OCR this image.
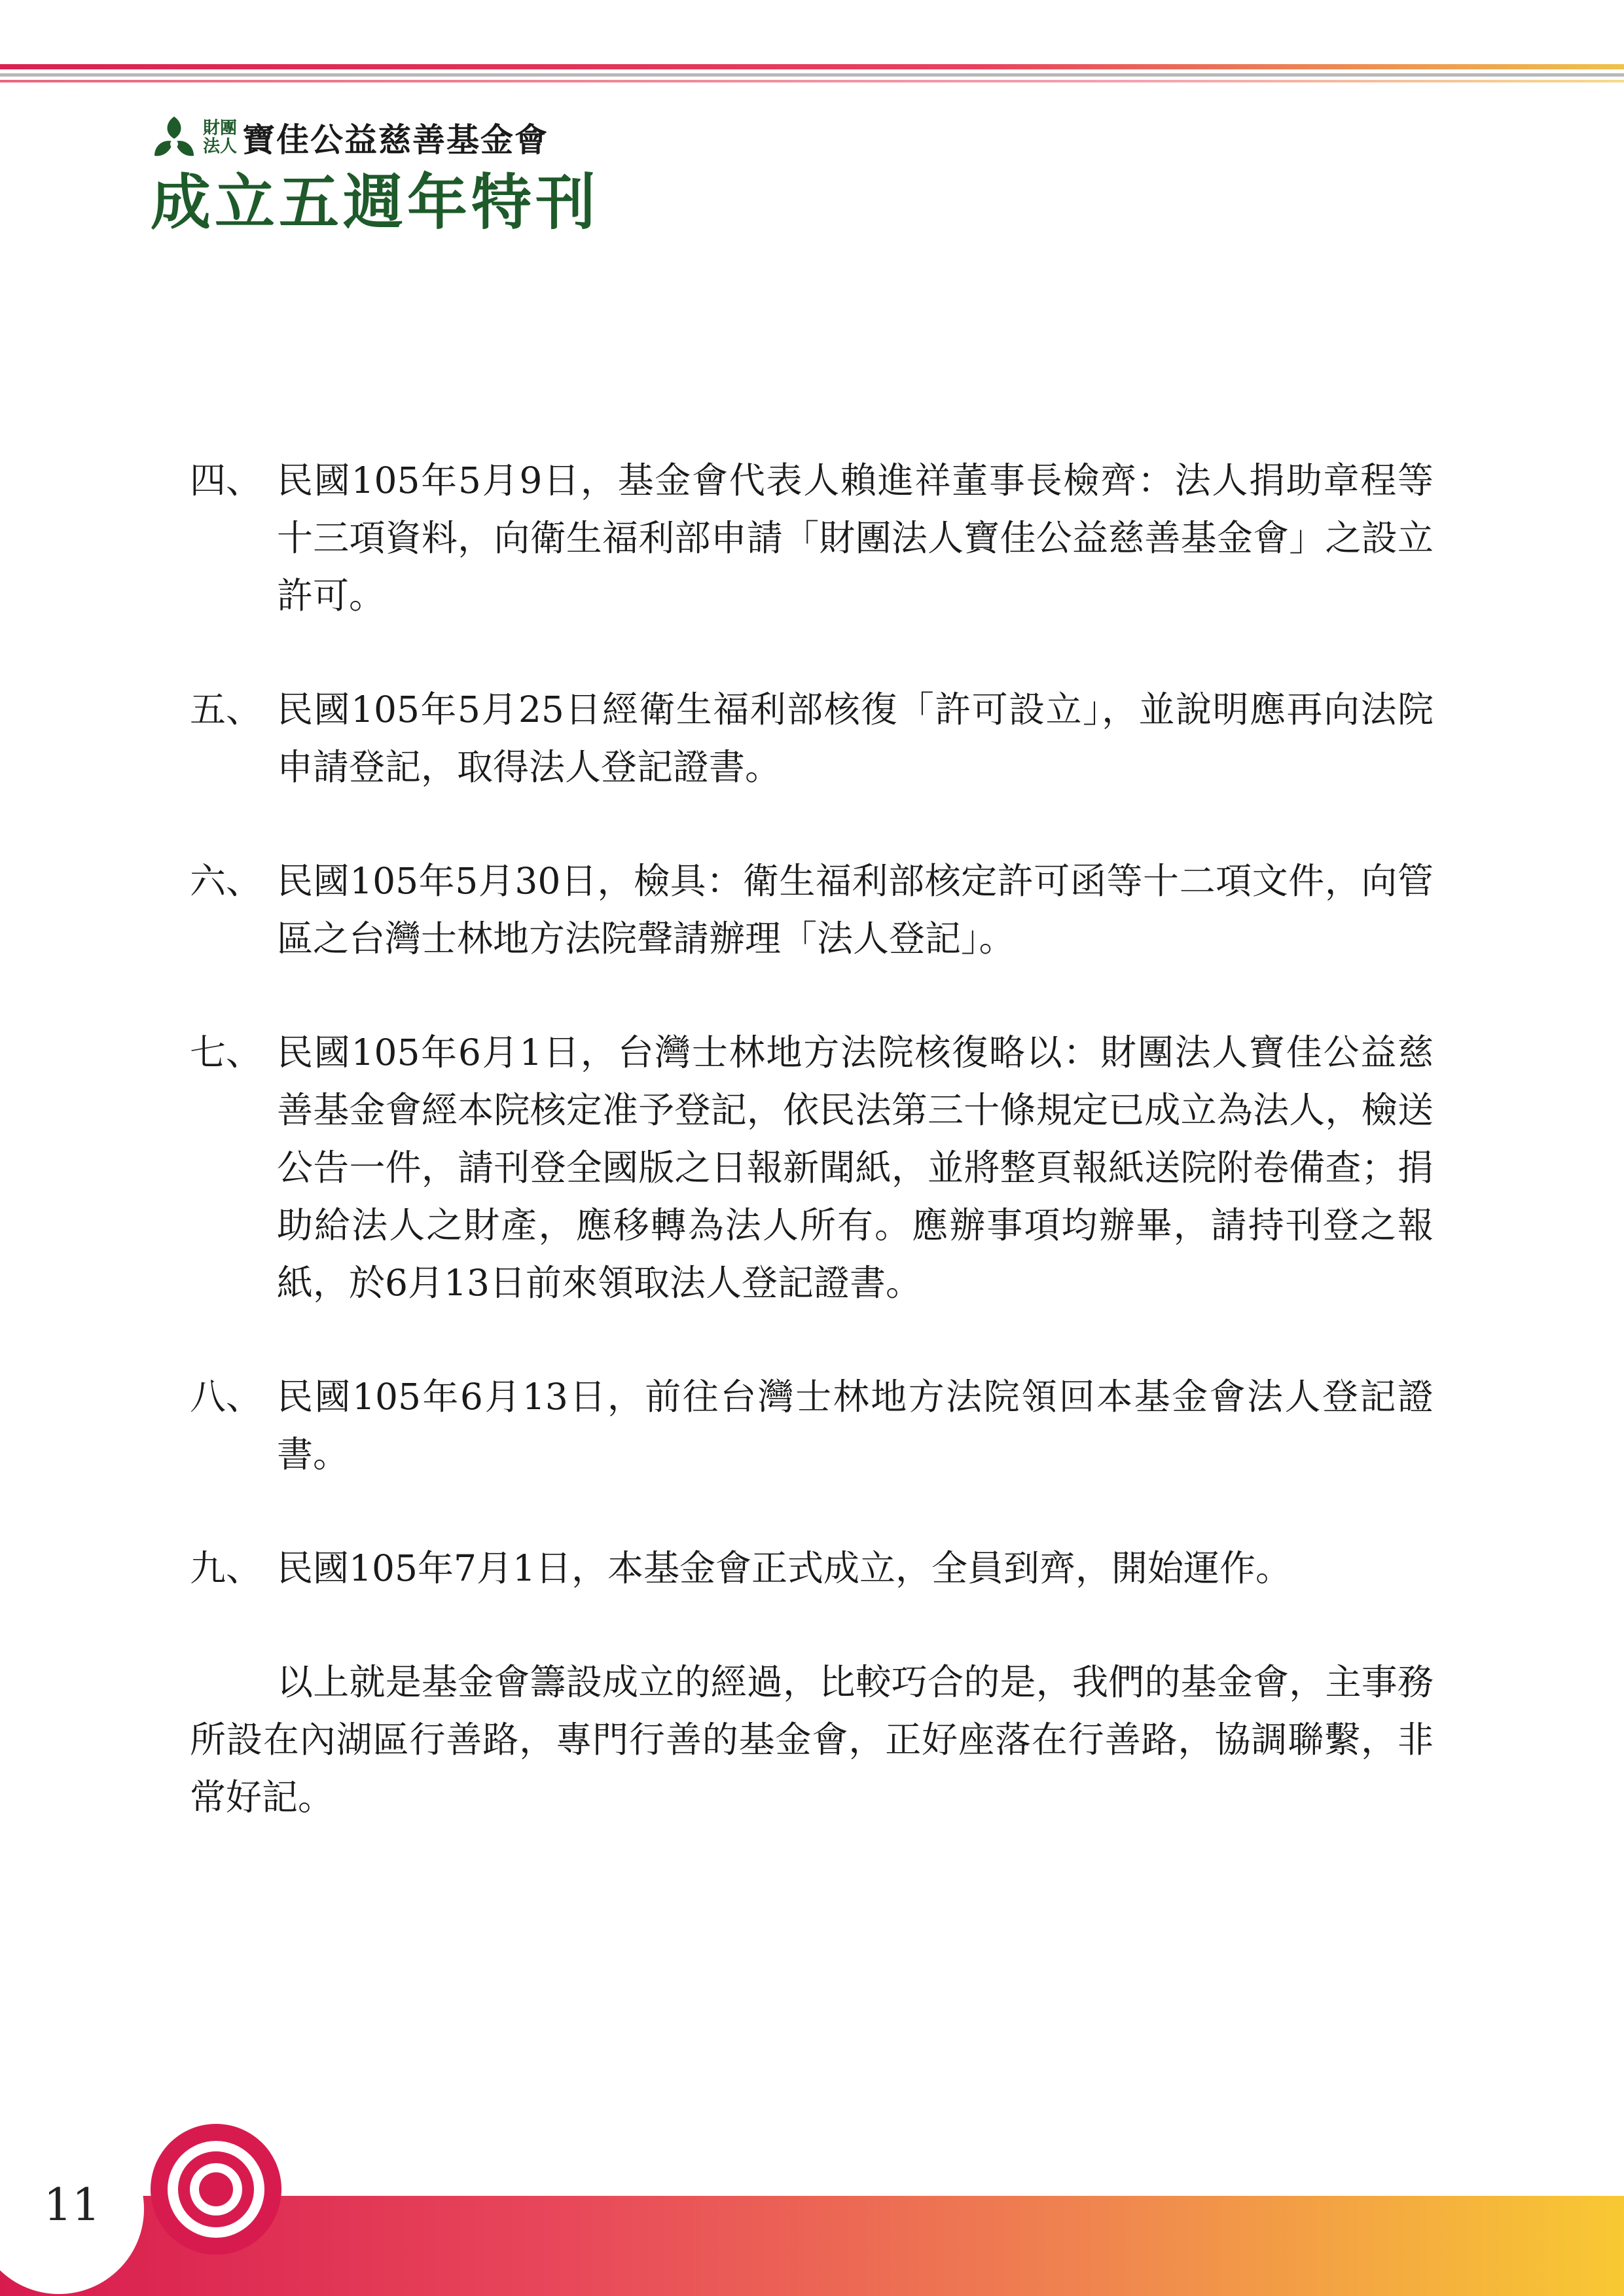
財團
法人 寶佳公益慈善基金會
成立五週年特刊
四、 民國105年5月9日，基金會代表人賴進祥董事長檢齊：法人捐助章程等十三項資料，向衛生福利部申請「財團法人寶佳公益慈善基金會」之設立許可。
五、 民國105年5月25日經衛生福利部核復「許可設立」，並說明應再向法院申請登記，取得法人登記證書。
六、 民國105年5月30日，檢具：衛生福利部核定許可函等十二項文件，向管區之台灣士林地方法院聲請辦理「法人登記」。
七、 民國105年6月1日，台灣士林地方法院核復略以：財團法人寶佳公益慈善基金會經本院核定准予登記，依民法第三十條規定已成立為法人，檢送公告一件，請刊登全國版之日報新聞紙，並將整頁報紙送院附卷備查；捐助給法人之財產，應移轉為法人所有。應辦事項均辦畢，請持刊登之報紙，於6月13日前來領取法人登記證書。
八、 民國105年6月13日，前往台灣士林地方法院領回本基金會法人登記證書。
九、 民國105年7月1日，本基金會正式成立，全員到齊，開始運作。

以上就是基金會籌設成立的經過，比較巧合的是，我們的基金會，主事務所設在內湖區行善路，專門行善的基金會，正好座落在行善路，協調聯繫，非常好記。

11
